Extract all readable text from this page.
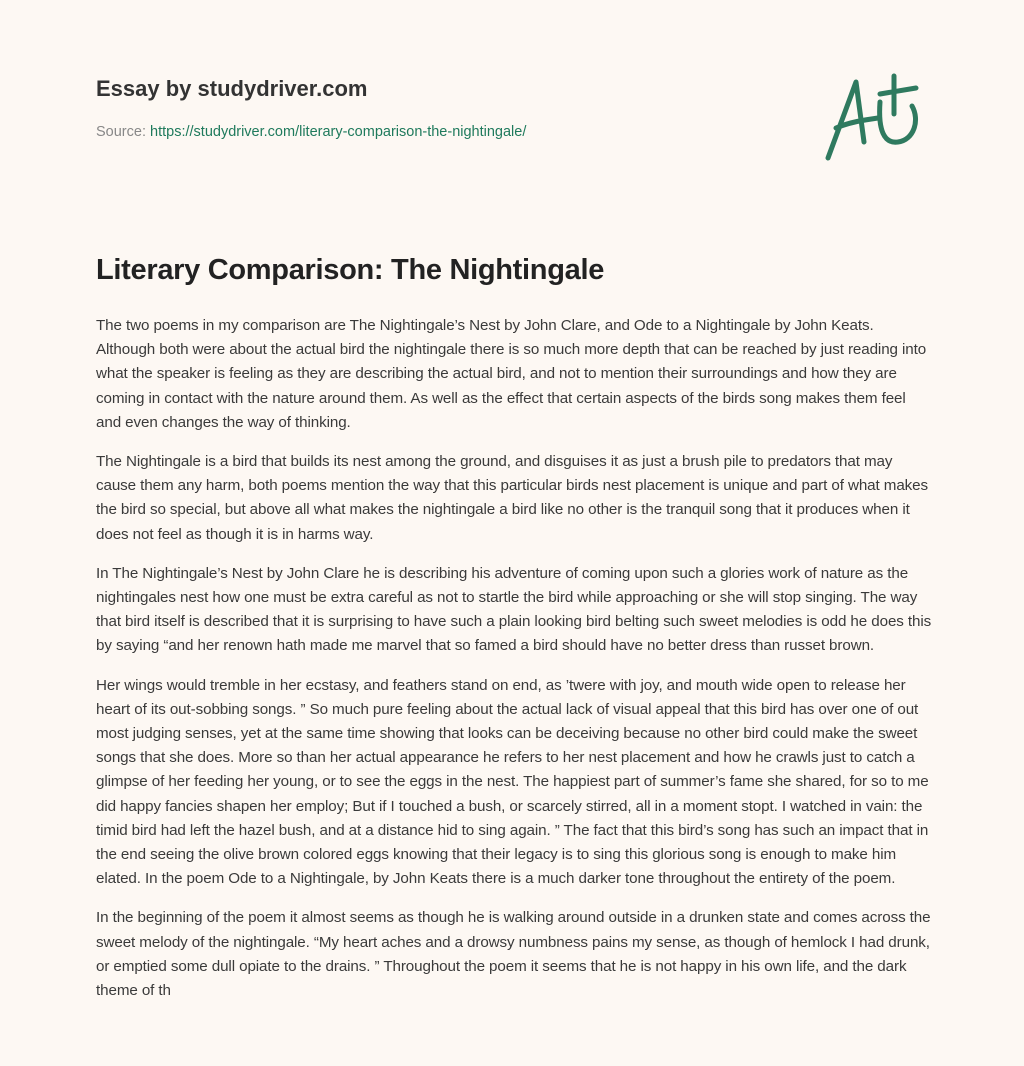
Essay by studydriver.com
Source: https://studydriver.com/literary-comparison-the-nightingale/
Literary Comparison: The Nightingale

The two poems in my comparison are The Nightingale’s Nest by John Clare, and Ode to a Nightingale by John Keats. Although both were about the actual bird the nightingale there is so much more depth that can be reached by just reading into what the speaker is feeling as they are describing the actual bird, and not to mention their surroundings and how they are coming in contact with the nature around them. As well as the effect that certain aspects of the birds song makes them feel and even changes the way of thinking.

The Nightingale is a bird that builds its nest among the ground, and disguises it as just a brush pile to predators that may cause them any harm, both poems mention the way that this particular birds nest placement is unique and part of what makes the bird so special, but above all what makes the nightingale a bird like no other is the tranquil song that it produces when it does not feel as though it is in harms way.

In The Nightingale’s Nest by John Clare he is describing his adventure of coming upon such a glories work of nature as the nightingales nest how one must be extra careful as not to startle the bird while approaching or she will stop singing. The way that bird itself is described that it is surprising to have such a plain looking bird belting such sweet melodies is odd he does this by saying “and her renown hath made me marvel that so famed a bird should have no better dress than russet brown.

Her wings would tremble in her ecstasy, and feathers stand on end, as ’twere with joy, and mouth wide open to release her heart of its out-sobbing songs. ” So much pure feeling about the actual lack of visual appeal that this bird has over one of out most judging senses, yet at the same time showing that looks can be deceiving because no other bird could make the sweet songs that she does. More so than her actual appearance he refers to her nest placement and how he crawls just to catch a glimpse of her feeding her young, or to see the eggs in the nest. The happiest part of summer’s fame she shared, for so to me did happy fancies shapen her employ; But if I touched a bush, or scarcely stirred, all in a moment stopt. I watched in vain: the timid bird had left the hazel bush, and at a distance hid to sing again. ” The fact that this bird’s song has such an impact that in the end seeing the olive brown colored eggs knowing that their legacy is to sing this glorious song is enough to make him elated. In the poem Ode to a Nightingale, by John Keats there is a much darker tone throughout the entirety of the poem.

In the beginning of the poem it almost seems as though he is walking around outside in a drunken state and comes across the sweet melody of the nightingale. “My heart aches and a drowsy numbness pains my sense, as though of hemlock I had drunk, or emptied some dull opiate to the drains. ” Throughout the poem it seems that he is not happy in his own life, and the dark theme of th
